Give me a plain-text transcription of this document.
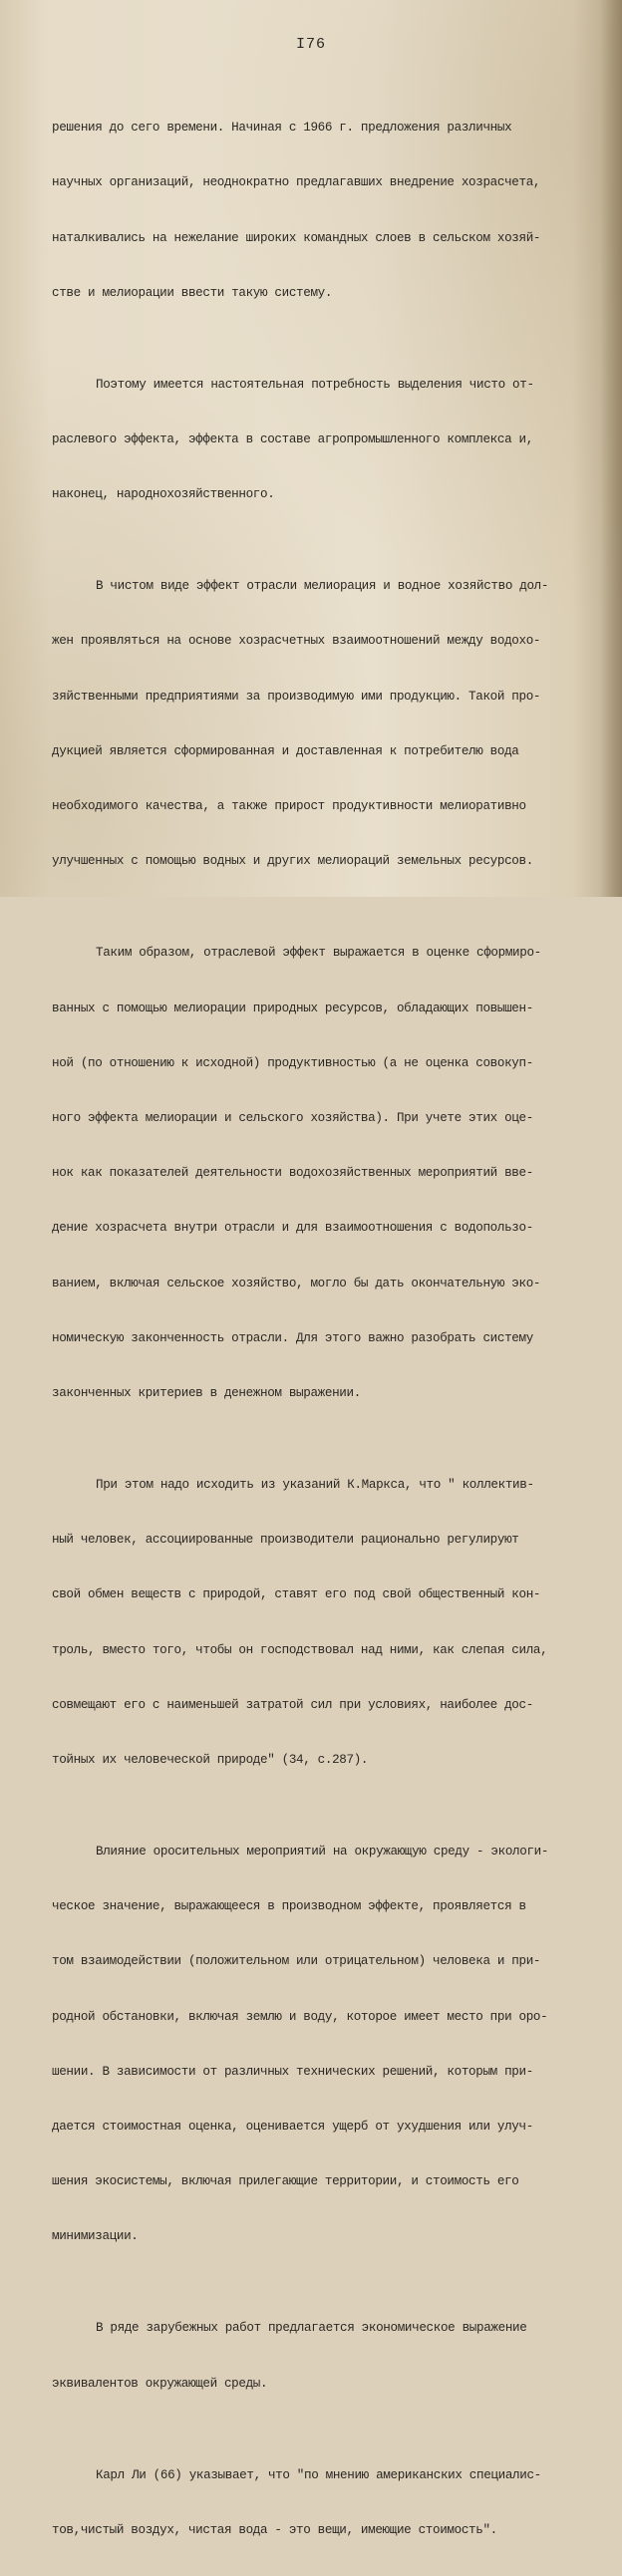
I76

решения до сего времени. Начиная с 1966 г. предложения различных

научных организаций, неоднократно предлагавших внедрение хозрасчета,

наталкивались на нежелание широких командных слоев в сельском хозяй-

стве и мелиорации ввести такую систему.

Поэтому имеется настоятельная потребность выделения чисто от-

раслевого эффекта, эффекта в составе агропромышленного комплекса и,

наконец, народнохозяйственного.

В чистом виде эффект отрасли мелиорация и водное хозяйство дол-

жен проявляться на основе хозрасчетных взаимоотношений между водохо-

зяйственными предприятиями за производимую ими продукцию. Такой про-

дукцией является сформированная и доставленная к потребителю вода

необходимого качества, а также прирост продуктивности мелиоративно

улучшенных с помощью водных и других мелиораций земельных ресурсов.

Таким образом, отраслевой эффект выражается в оценке сформиро-

ванных с помощью мелиорации природных ресурсов, обладающих повышен-

ной (по отношению к исходной) продуктивностью (а не оценка совокуп-

ного эффекта мелиорации и сельского хозяйства). При учете этих оце-

нок как показателей деятельности водохозяйственных мероприятий вве-

дение хозрасчета внутри отрасли и для взаимоотношения с водопользо-

ванием, включая сельское хозяйство, могло бы дать окончательную эко-

номическую законченность отрасли. Для этого важно разобрать систему

законченных критериев в денежном выражении.

При этом надо исходить из указаний К.Маркса, что " коллектив-

ный человек, ассоциированные производители рационально регулируют

свой обмен веществ с природой, ставят его под свой общественный кон-

троль, вместо того, чтобы он господствовал над ними, как слепая сила,

совмещают его с наименьшей затратой сил при условиях, наиболее дос-

тойных их человеческой природе" (34, с.287).

Влияние оросительных мероприятий на окружающую среду - экологи-

ческое значение, выражающееся в производном эффекте, проявляется в

том взаимодействии (положительном или отрицательном) человека и при-

родной обстановки, включая землю и воду, которое имеет место при оро-

шении. В зависимости от различных технических решений, которым при-

дается стоимостная оценка, оценивается ущерб от ухудшения или улуч-

шения экосистемы, включая прилегающие территории, и стоимость его

минимизации.

В ряде зарубежных работ предлагается экономическое выражение

эквивалентов окружающей среды.

Карл Ли (66) указывает, что "по мнению американских специалис-

тов,чистый воздух, чистая вода - это вещи, имеющие стоимость".
